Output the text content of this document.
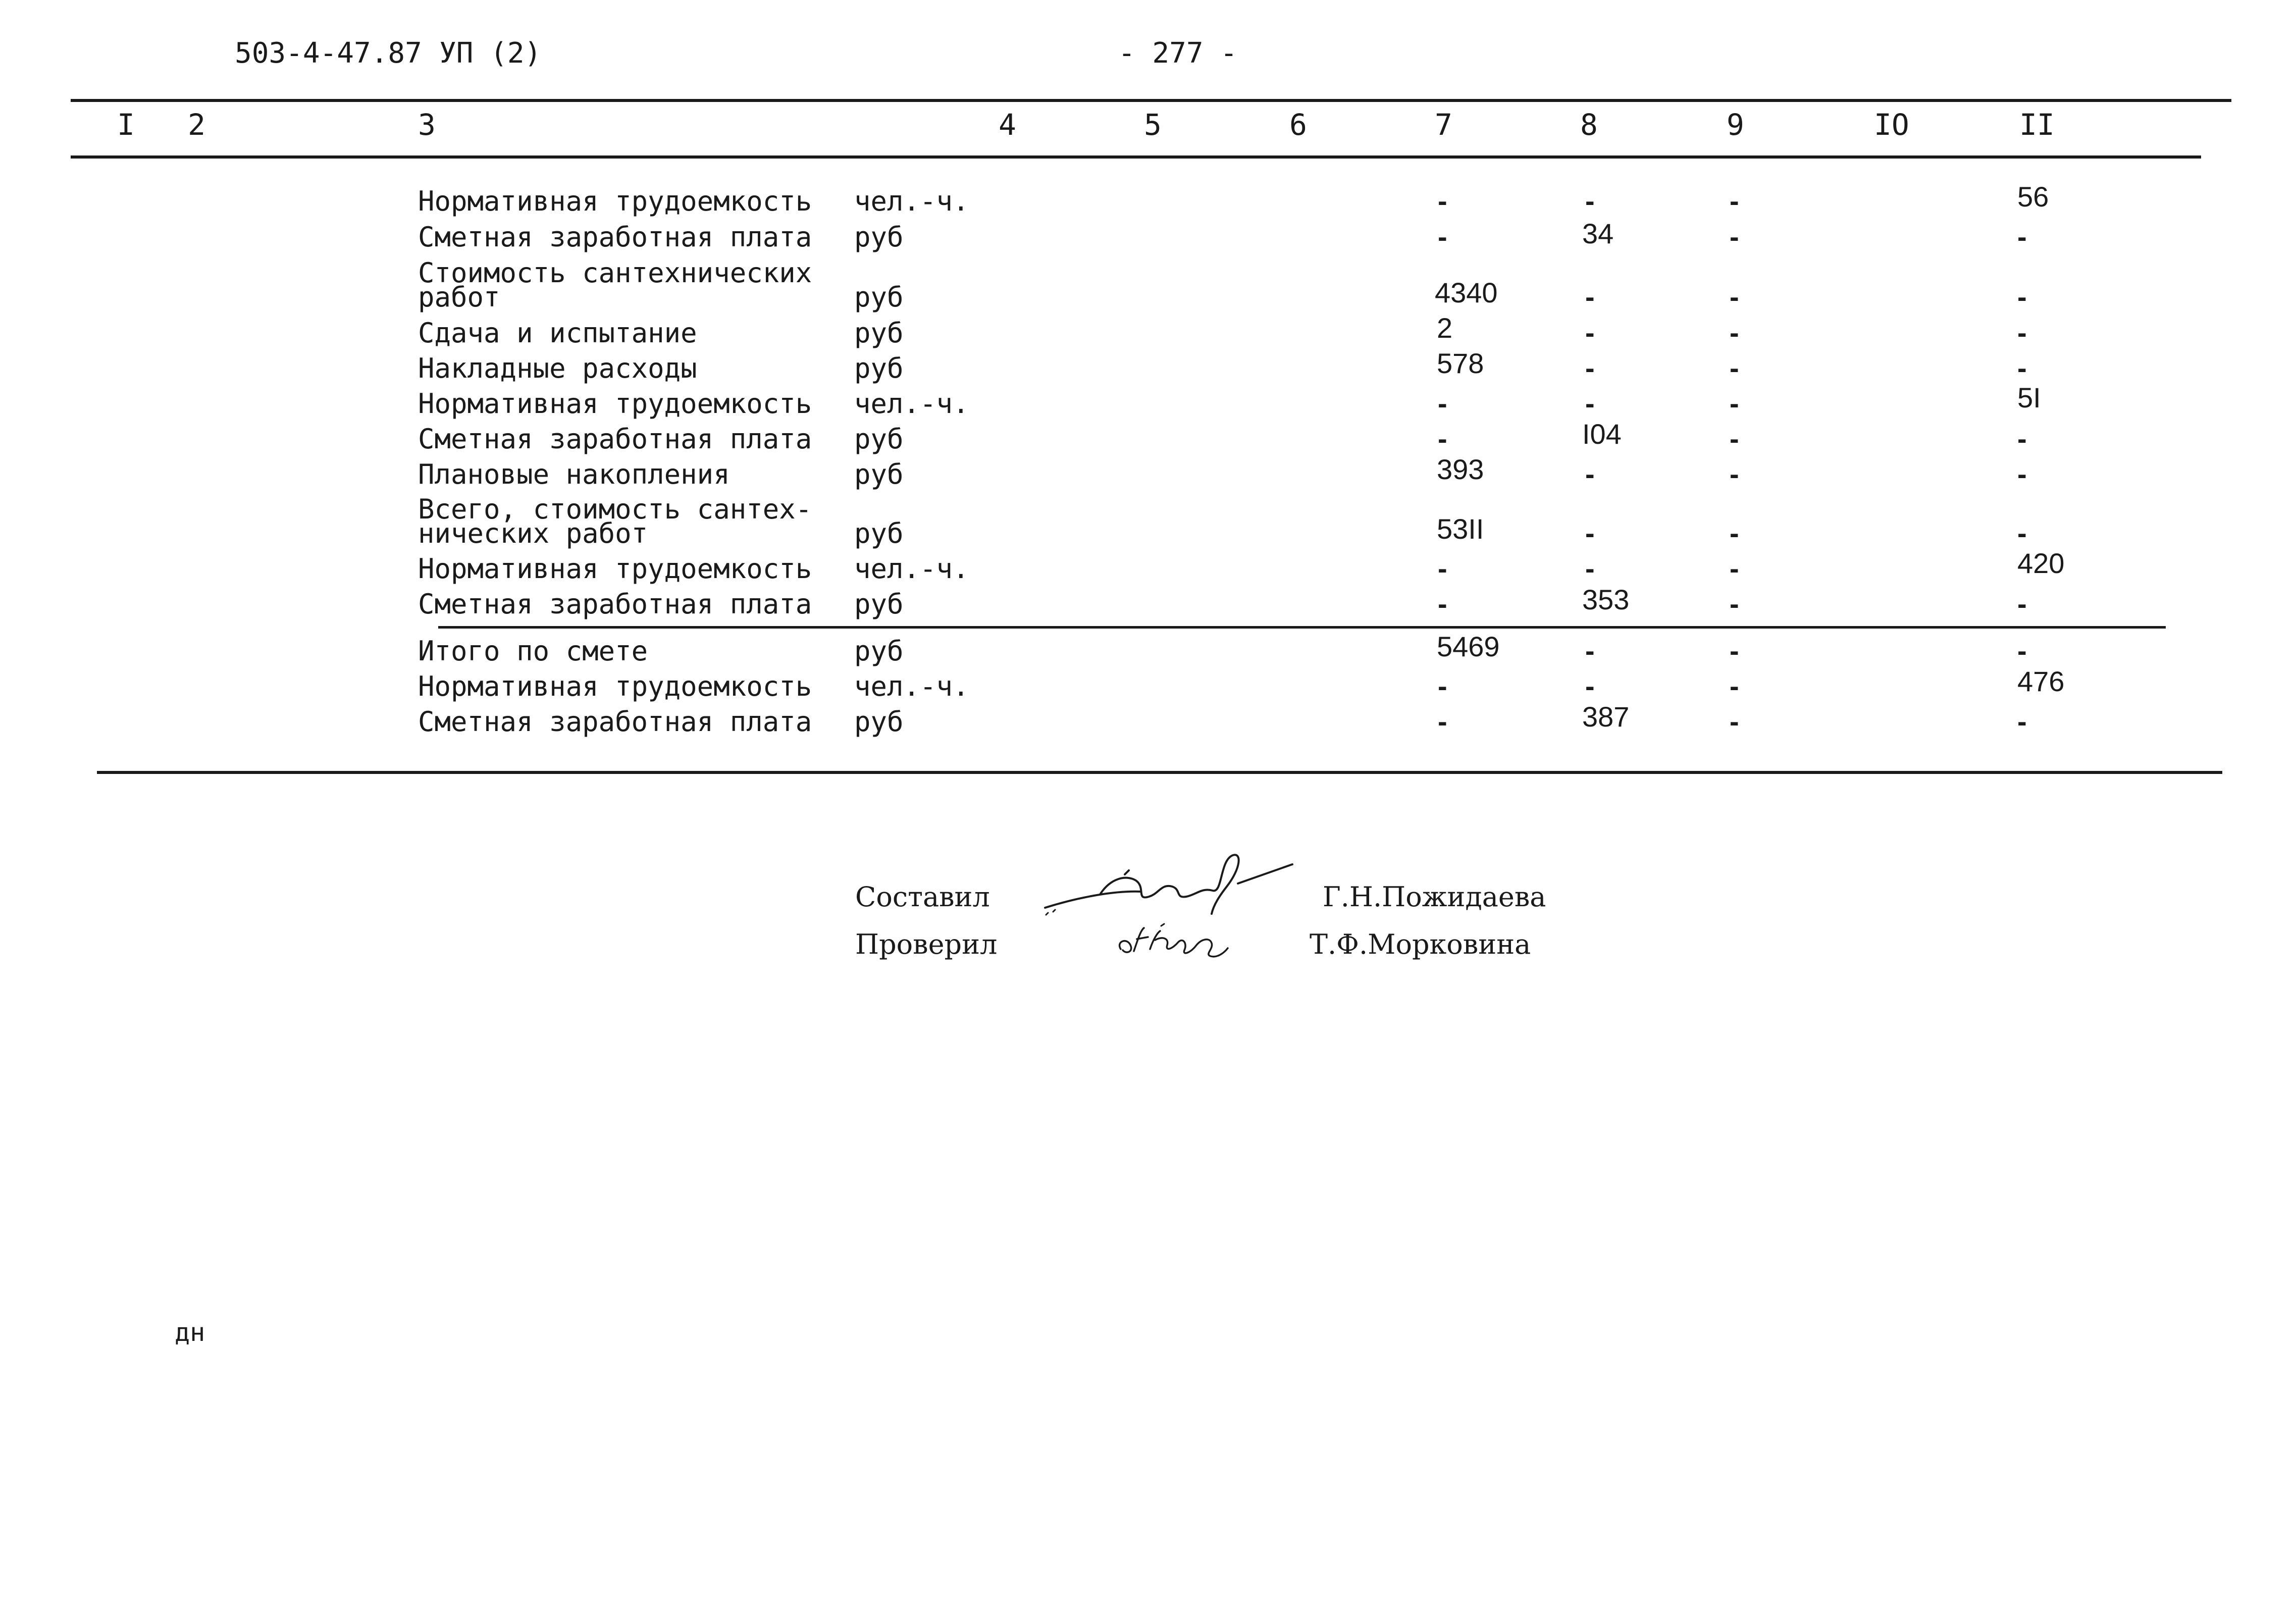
503-4-47.87 УП (2)	- 277 -
I 2	3	4	5	6	7	8	9	IO	II
Нормативная трудоемкость чел.-ч.	-	-	-	56
Сметная заработная плата руб	-	34	-	-
Стоимость сантехнических
работ	руб	4340	-	-	-
Сдача и испытание	руб	2	-	-	-
Накладные расходы	руб	578	-	-	-
Нормативная трудоемкость чел.-ч.	-	-	-	5I
Сметная заработная плата руб	-	I04	-	-
Плановые накопления	руб	393	-	-	-
Всего, стоимость сантех-
нических работ	руб	53II	-	-	-
Нормативная трудоемкость чел.-ч.	-	-	-	420
Сметная заработная плата руб	-	353	-	-
Итого по смете	руб	5469	-	-	-
Нормативная трудоемкость чел.-ч.	-	-	-	476
Сметная заработная плата руб	-	387	-	-
Составил	Г.Н.Пожидаева
Проверил	Т.Ф.Морковина
дн
